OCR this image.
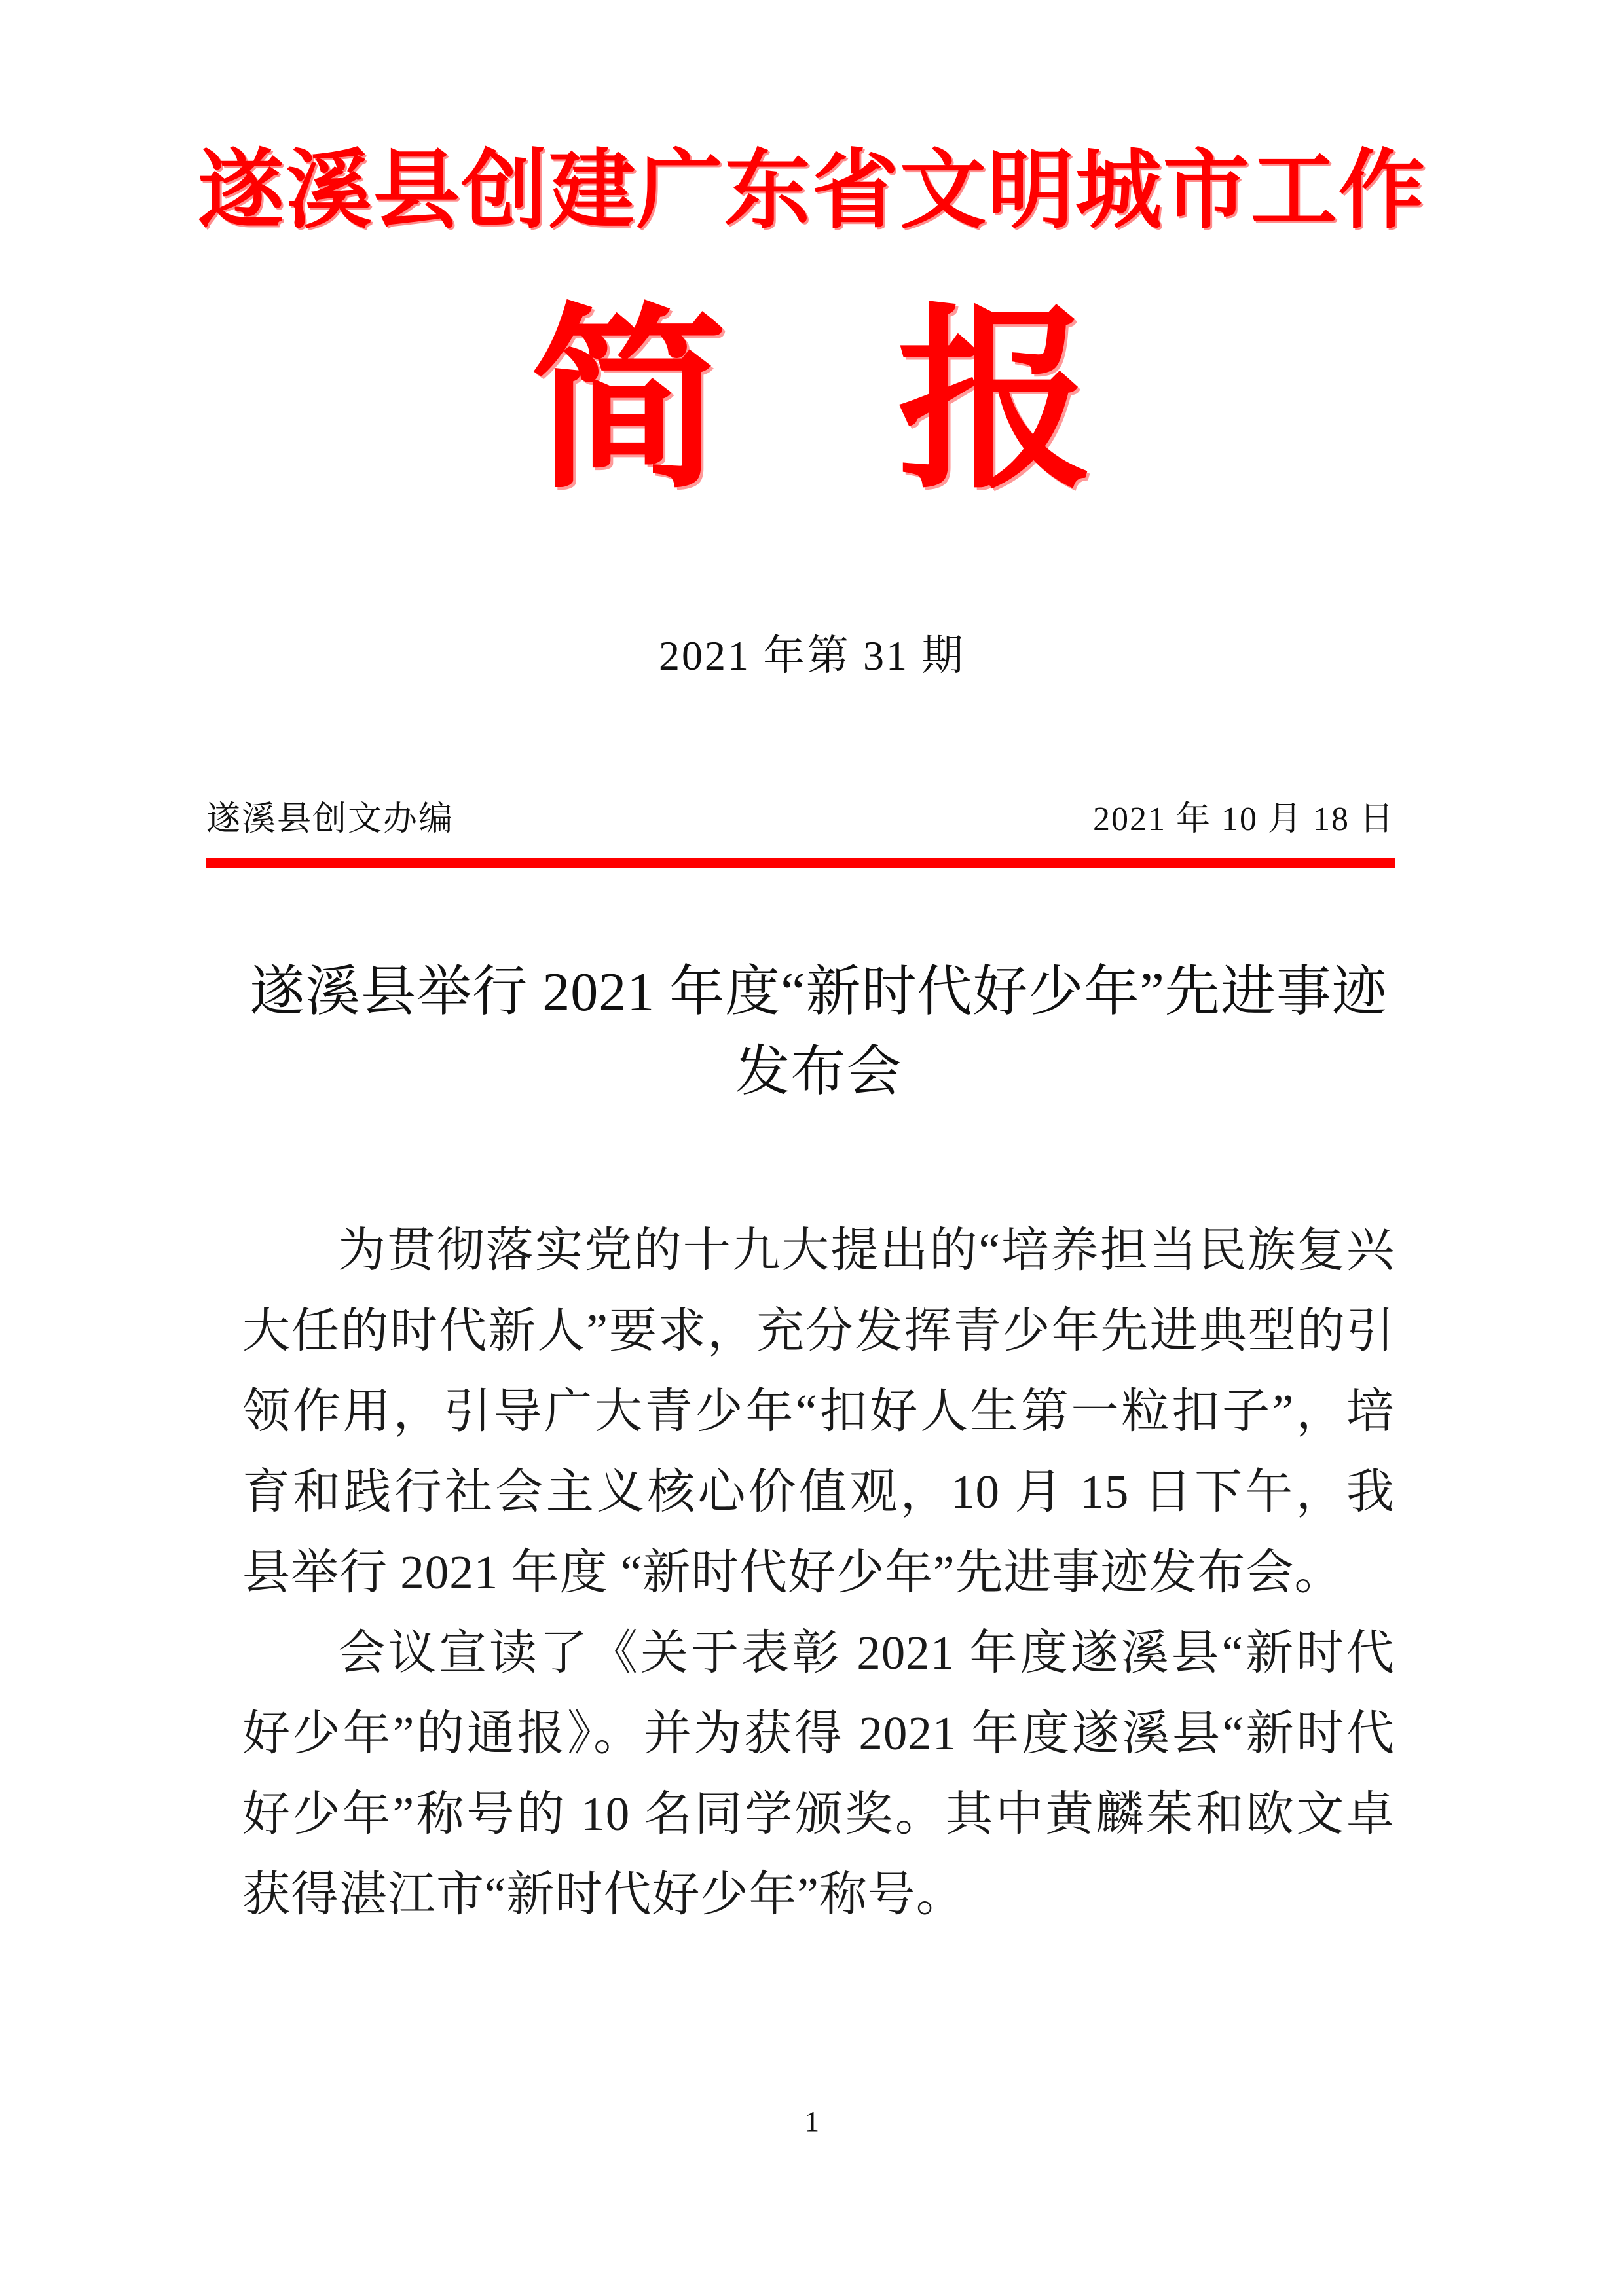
遂溪县创建广东省文明城市工作
简 报
2021 年第 31 期
遂溪县创文办编	2021 年 10 月 18 日
遂溪县举行 2021 年度“新时代好少年”先进事迹发布会

为贯彻落实党的十九大提出的“培养担当民族复兴大任的时代新人”要求，充分发挥青少年先进典型的引领作用，引导广大青少年“扣好人生第一粒扣子”，培育和践行社会主义核心价值观，10 月 15 日下午，我县举行 2021 年度 “新时代好少年”先进事迹发布会。

会议宣读了《关于表彰 2021 年度遂溪县“新时代好少年”的通报》。并为获得 2021 年度遂溪县“新时代好少年”称号的 10 名同学颁奖。其中黄麟茱和欧文卓获得湛江市“新时代好少年”称号。

1
